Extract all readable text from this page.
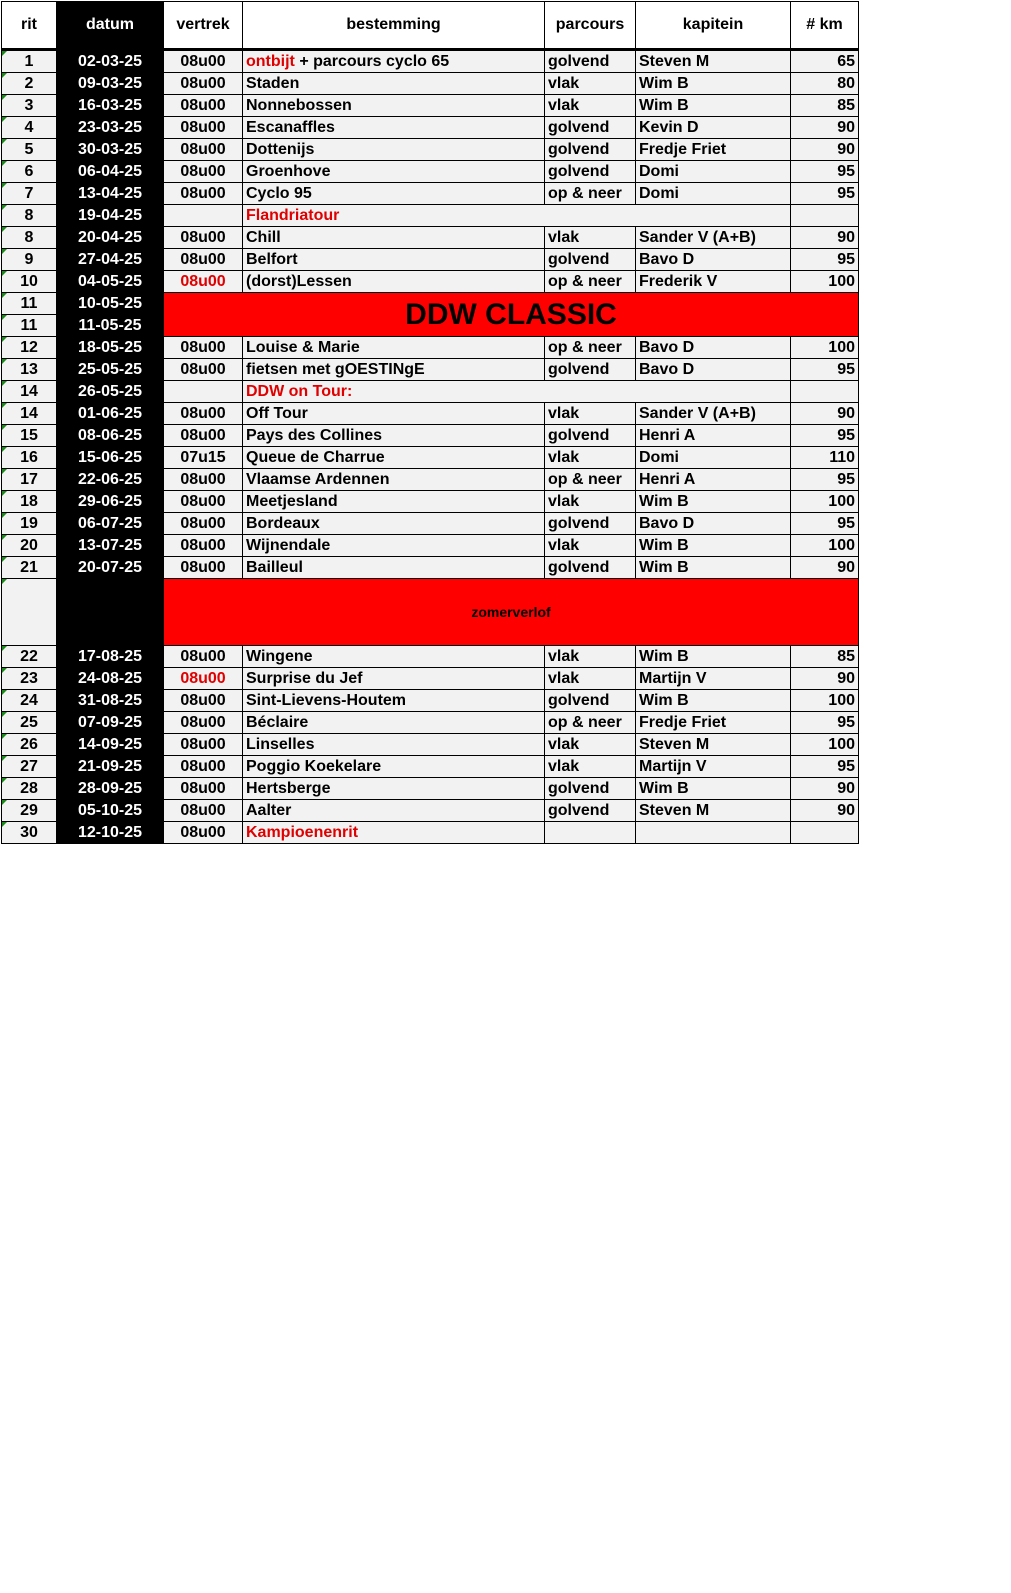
rit	datum	vertrek	bestemming	parcours	kapitein	# km
1	02-03-25	08u00	ontbijt + parcours cyclo 65	golvend	Steven M	65
2	09-03-25	08u00	Staden	vlak	Wim B	80
3	16-03-25	08u00	Nonnebossen	vlak	Wim B	85
4	23-03-25	08u00	Escanaffles	golvend	Kevin D	90
5	30-03-25	08u00	Dottenijs	golvend	Fredje Friet	90
6	06-04-25	08u00	Groenhove	golvend	Domi	95
7	13-04-25	08u00	Cyclo 95	op & neer	Domi	95
8	19-04-25		Flandriatour			
8	20-04-25	08u00	Chill	vlak	Sander V (A+B)	90
9	27-04-25	08u00	Belfort	golvend	Bavo D	95
10	04-05-25	08u00	(dorst)Lessen	op & neer	Frederik V	100
11	10-05-25	DDW CLASSIC				
11	11-05-25					
12	18-05-25	08u00	Louise & Marie	op & neer	Bavo D	100
13	25-05-25	08u00	fietsen met gOESTINgE	golvend	Bavo D	95
14	26-05-25		DDW on Tour:			
14	01-06-25	08u00	Off Tour	vlak	Sander V (A+B)	90
15	08-06-25	08u00	Pays des Collines	golvend	Henri A	95
16	15-06-25	07u15	Queue de Charrue	vlak	Domi	110
17	22-06-25	08u00	Vlaamse Ardennen	op & neer	Henri A	95
18	29-06-25	08u00	Meetjesland	vlak	Wim B	100
19	06-07-25	08u00	Bordeaux	golvend	Bavo D	95
20	13-07-25	08u00	Wijnendale	vlak	Wim B	100
21	20-07-25	08u00	Bailleul	golvend	Wim B	90
		zomerverlof				
22	17-08-25	08u00	Wingene	vlak	Wim B	85
23	24-08-25	08u00	Surprise du Jef	vlak	Martijn V	90
24	31-08-25	08u00	Sint-Lievens-Houtem	golvend	Wim B	100
25	07-09-25	08u00	Béclaire	op & neer	Fredje Friet	95
26	14-09-25	08u00	Linselles	vlak	Steven M	100
27	21-09-25	08u00	Poggio Koekelare	vlak	Martijn V	95
28	28-09-25	08u00	Hertsberge	golvend	Wim B	90
29	05-10-25	08u00	Aalter	golvend	Steven M	90
30	12-10-25	08u00	Kampioenenrit			
